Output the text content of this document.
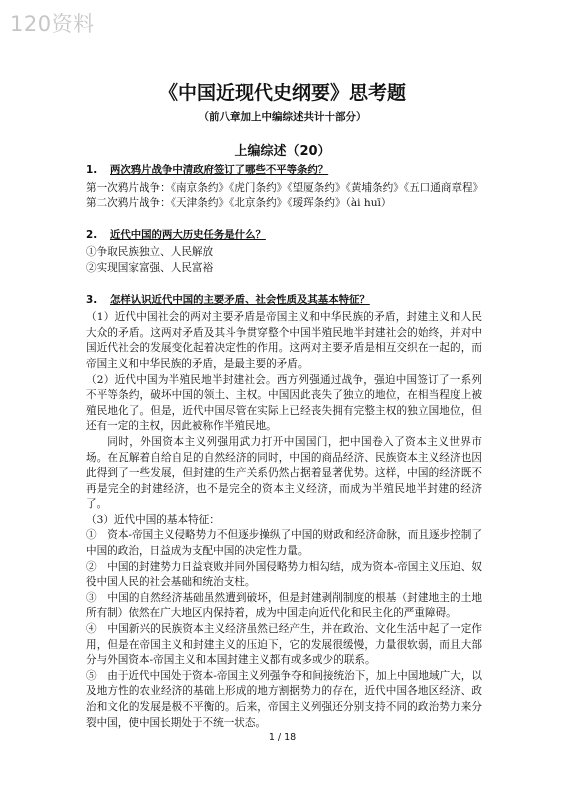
120资料
《中国近现代史纲要》思考题
（前八章加上中编综述共计十部分）
上编综述（20）
1. 两次鸦片战争中清政府签订了哪些不平等条约？
第一次鸦片战争：《南京条约》《虎门条约》《望厦条约》《黄埔条约》《五口通商章程》
第二次鸦片战争：《天津条约》《北京条约》《瑷珲条约》（ài huī）
2. 近代中国的两大历史任务是什么？
①争取民族独立、人民解放
②实现国家富强、人民富裕
3. 怎样认识近代中国的主要矛盾、社会性质及其基本特征？
（1）近代中国社会的两对主要矛盾是帝国主义和中华民族的矛盾，封建主义和人民大众的矛盾。这两对矛盾及其斗争贯穿整个中国半殖民地半封建社会的始终，并对中国近代社会的发展变化起着决定性的作用。这两对主要矛盾是相互交织在一起的，而帝国主义和中华民族的矛盾，是最主要的矛盾。
（2）近代中国为半殖民地半封建社会。西方列强通过战争，强迫中国签订了一系列不平等条约，破坏中国的领土、主权。中国因此丧失了独立的地位，在相当程度上被殖民地化了。但是，近代中国尽管在实际上已经丧失拥有完整主权的独立国地位，但还有一定的主权，因此被称作半殖民地。
同时，外国资本主义列强用武力打开中国国门，把中国卷入了资本主义世界市场。在瓦解着自给自足的自然经济的同时，中国的商品经济、民族资本主义经济也因此得到了一些发展，但封建的生产关系仍然占据着显著优势。这样，中国的经济既不再是完全的封建经济，也不是完全的资本主义经济，而成为半殖民地半封建的经济了。
（3）近代中国的基本特征：
①　资本-帝国主义侵略势力不但逐步操纵了中国的财政和经济命脉，而且逐步控制了中国的政治，日益成为支配中国的决定性力量。
②　中国的封建势力日益衰败并同外国侵略势力相勾结，成为资本-帝国主义压迫、奴役中国人民的社会基础和统治支柱。
③　中国的自然经济基础虽然遭到破坏，但是封建剥削制度的根基（封建地主的土地所有制）依然在广大地区内保持着，成为中国走向近代化和民主化的严重障碍。
④　中国新兴的民族资本主义经济虽然已经产生，并在政治、文化生活中起了一定作用，但是在帝国主义和封建主义的压迫下，它的发展很缓慢，力量很软弱，而且大部分与外国资本-帝国主义和本国封建主义都有或多或少的联系。
⑤　由于近代中国处于资本-帝国主义列强争夺和间接统治下，加上中国地域广大，以及地方性的农业经济的基础上形成的地方割据势力的存在，近代中国各地区经济、政治和文化的发展是极不平衡的。后来，帝国主义列强还分别支持不同的政治势力来分裂中国，使中国长期处于不统一状态。
1 / 18
